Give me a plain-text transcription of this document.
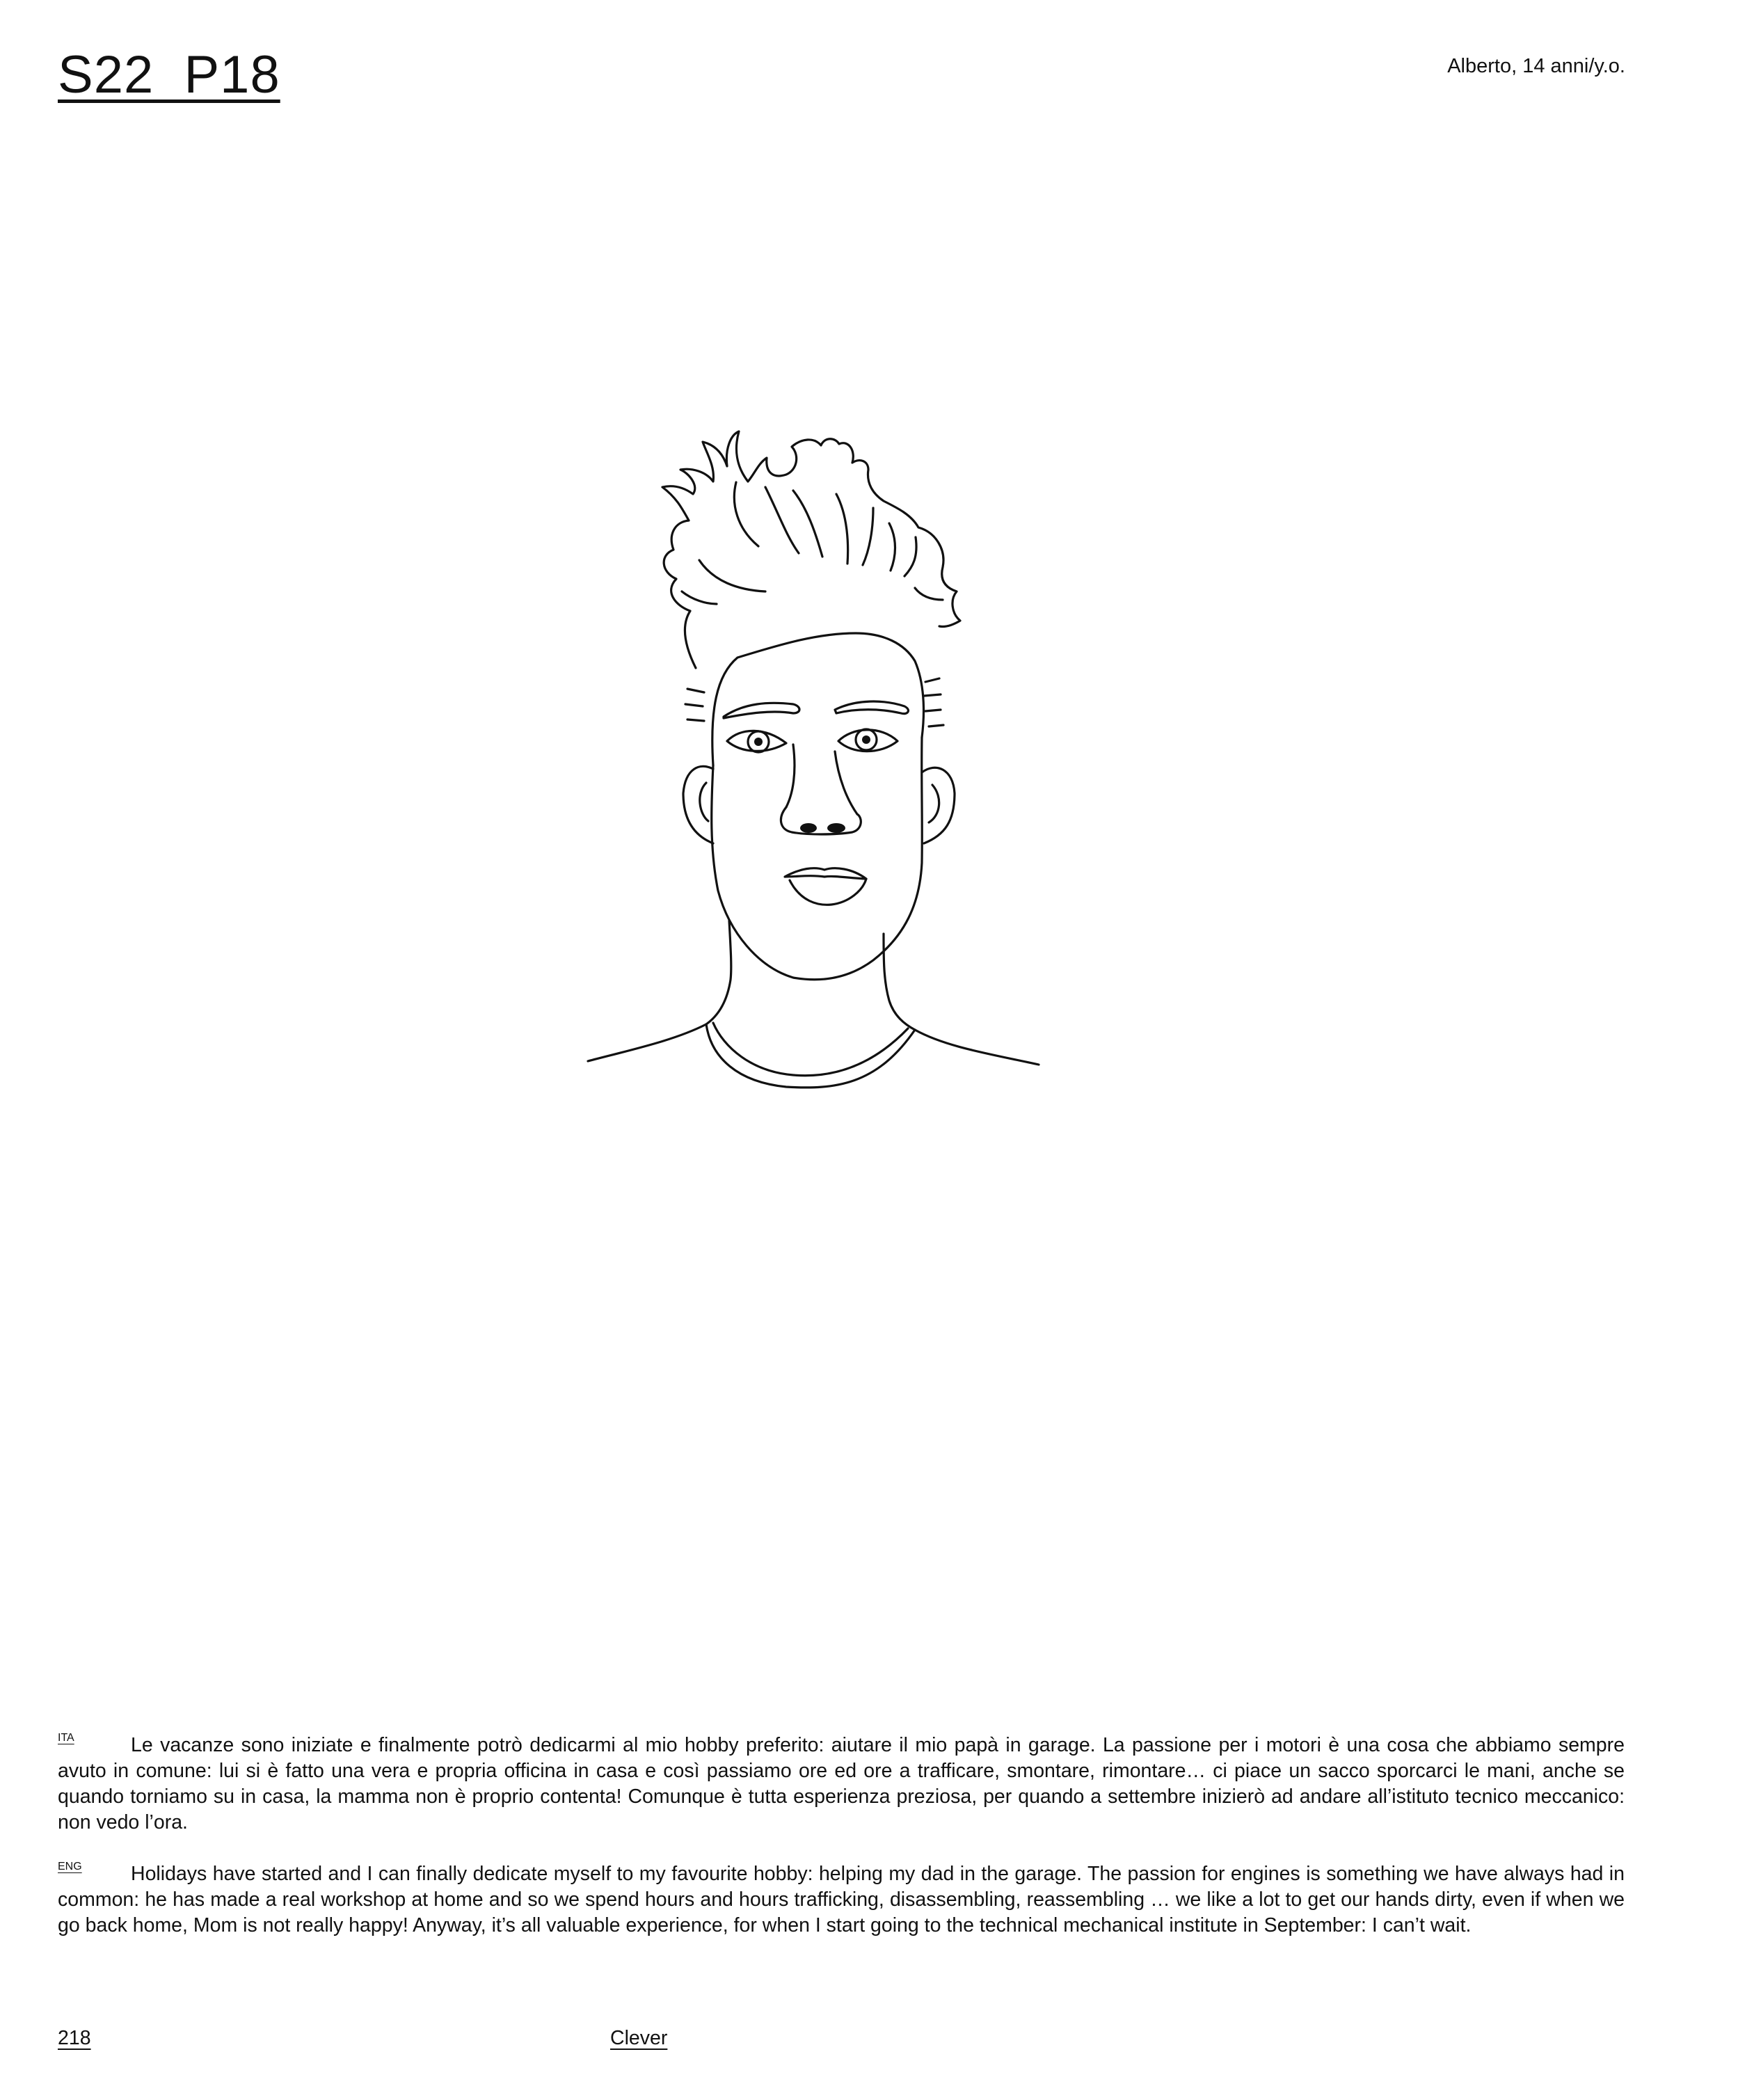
S22_P18	Alberto, 14 anni/y.o.
ITA	Le vacanze sono iniziate e finalmente potrò dedicarmi al mio hobby preferito: aiutare il mio papà in garage. La passione per i motori è una cosa che abbiamo sempre avuto in comune: lui si è fatto una vera e propria officina in casa e così passiamo ore ed ore a trafficare, smontare, rimontare… ci piace un sacco sporcarci le mani, anche se quando torniamo su in casa, la mamma non è proprio contenta! Comunque è tutta esperienza preziosa, per quando a settembre inizierò ad andare all’istituto tecnico meccanico: non vedo l’ora.

ENG	Holidays have started and I can finally dedicate myself to my favourite hobby: helping my dad in the garage. The passion for engines is something we have always had in common: he has made a real workshop at home and so we spend hours and hours trafficking, disassembling, reassembling … we like a lot to get our hands dirty, even if when we go back home, Mom is not really happy! Anyway, it’s all valuable experience, for when I start going to the technical mechanical institute in September: I can’t wait.

218	Clever
